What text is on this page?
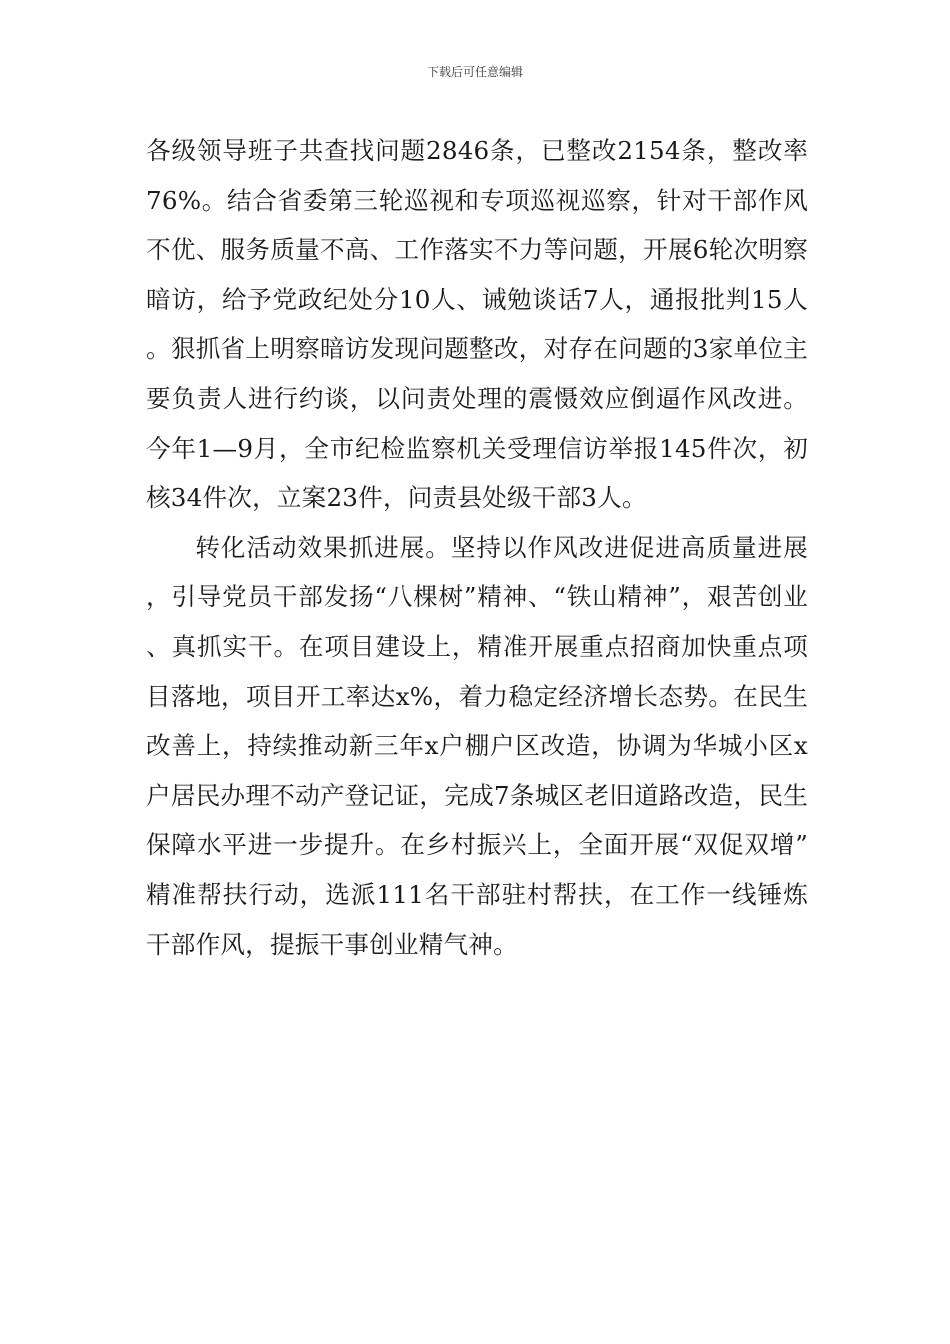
下载后可任意编辑

各级领导班子共查找问题2846条，已整改2154条，整改率76%。结合省委第三轮巡视和专项巡视巡察，针对干部作风不优、服务质量不高、工作落实不力等问题，开展6轮次明察暗访，给予党政纪处分10人、诫勉谈话7人，通报批判15人。狠抓省上明察暗访发现问题整改，对存在问题的3家单位主要负责人进行约谈，以问责处理的震慑效应倒逼作风改进。今年1—9月，全市纪检监察机关受理信访举报145件次，初核34件次，立案23件，问责县处级干部3人。

转化活动效果抓进展。坚持以作风改进促进高质量进展，引导党员干部发扬“八棵树”精神、“铁山精神”，艰苦创业、真抓实干。在项目建设上，精准开展重点招商加快重点项目落地，项目开工率达x%，着力稳定经济增长态势。在民生改善上，持续推动新三年x户棚户区改造，协调为华城小区x户居民办理不动产登记证，完成7条城区老旧道路改造，民生保障水平进一步提升。在乡村振兴上，全面开展“双促双增”精准帮扶行动，选派111名干部驻村帮扶，在工作一线锤炼干部作风，提振干事创业精气神。
